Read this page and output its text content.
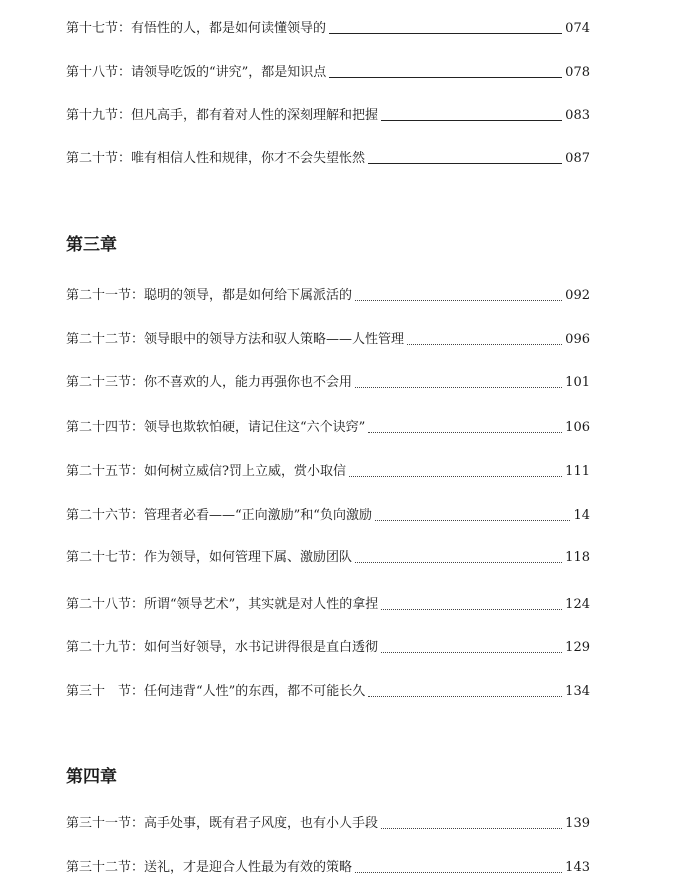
第十七节：有悟性的人，都是如何读懂领导的	074
第十八节：请领导吃饭的“讲究”，都是知识点	078
第十九节：但凡高手，都有着对人性的深刻理解和把握	083
第二十节：唯有相信人性和规律，你才不会失望怅然	087
第三章
第二十一节：聪明的领导，都是如何给下属派活的	092
第二十二节：领导眼中的领导方法和驭人策略——人性管理	096
第二十三节：你不喜欢的人，能力再强你也不会用	101
第二十四节：领导也欺软怕硬，请记住这“六个诀窍”	106
第二十五节：如何树立威信?罚上立威，赏小取信	111
第二十六节：管理者必看——“正向激励”和“负向激励	14
第二十七节：作为领导，如何管理下属、激励团队	118
第二十八节：所谓“领导艺术”，其实就是对人性的拿捏	124
第二十九节：如何当好领导，水书记讲得很是直白透彻	129
第三十　节：任何违背“人性”的东西，都不可能长久	134
第四章
第三十一节：高手处事，既有君子风度，也有小人手段	139
第三十二节：送礼，才是迎合人性最为有效的策略	143
